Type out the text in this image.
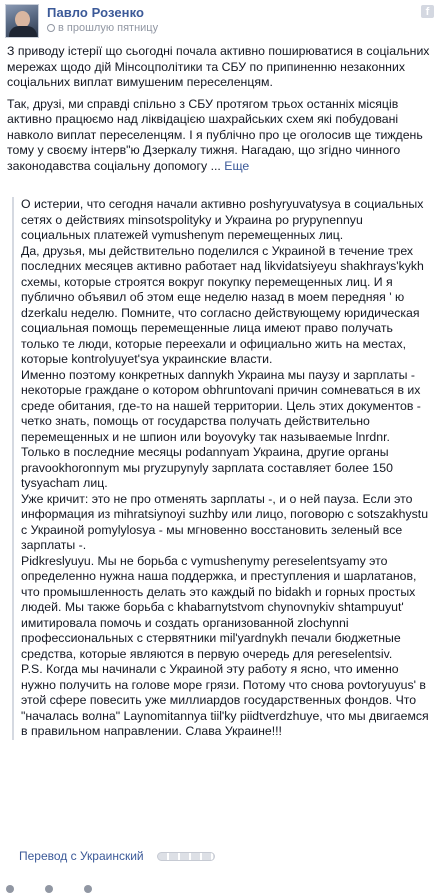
Павло Розенко
в прошлую пятницу
f

З приводу істерії що сьогодні почала активно поширюватися в соціальних мережах щодо дій Мінсоцполітики та СБУ по припиненню незаконних соціальних виплат вимушеним переселенцям.

Так, друзі, ми справді спільно з СБУ протягом трьох останніх місяців активно працюємо над ліквідацією шахрайських схем які побудовані навколо виплат переселенцям. І я публічно про це оголосив ще тиждень тому у своєму інтерв"ю Дзеркалу тижня. Нагадаю, що згідно чинного законодавства соціальну допомогу ... Еще

О истерии, что сегодня начали активно poshyryuvatysya в социальных сетях о действиях minsotspolitykу и Украина ро prypynennyu социальных платежей vymushenym перемещенных лиц.

Да, друзья, мы действительно поделился с Украиной в течение трех последних месяцев активно работает над likvidatsiyeyu shakhrays'kykh схемы, которые строятся вокруг покупку перемещенных лиц. И я публично объявил об этом еще неделю назад в моем передняя ' ю dzerkalu неделю. Помните, что согласно действующему юридическая социальная помощь перемещенные лица имеют право получать только те люди, которые переехали и официально жить на местах, которые kontrolyuyet'sya украинские власти.

Именно поэтому конкретных dannykh Украина мы паузу и зарплаты - некоторые граждане о котором obhruntovani причин сомневаться в их среде обитания, где-то на нашей территории. Цель этих документов - четко знать, помощь от государства получать действительно перемещенных и не шпион или boyovyky так называемые lnrdnr.

Только в последние месяцы podannyam Украина, другие органы pravookhoronnym мы pryzupynyly зарплата составляет более 150 tysyacham лиц.

Уже кричит: это не про отменять зарплаты -, и о ней пауза. Если это информация из mihratsiynoyi suzhby или лицо, поговорю с sotszakhystu с Украиной pomylylosya - мы мгновенно восстановить зеленый все зарплаты -.

Pidkreslyuyu. Мы не борьба с vymushenymy pereselentsyamy это определенно нужна наша поддержка, и преступления и шарлатанов, что промышленность делать это каждый по bidakh и горных простых людей. Мы также борьба с khabarnytstvom chynovnykiv shtampuyut' имитировала помочь и создать организованной zlochynni профессиональных с стервятники mil'yardnykh печали бюджетные средства, которые являются в первую очередь для pereselentsiv.

P.S. Когда мы начинали с Украиной эту работу я ясно, что именно нужно получить на голове море грязи. Потому что снова povtoryuyus' в этой сфере повесить уже миллиардов государственных фондов. Что "началась волна" Laynomitannya tiil'ky piidtverdzhuye, что мы двигаемся в правильном направлении. Слава Украине!!!

Перевод с Украинский
